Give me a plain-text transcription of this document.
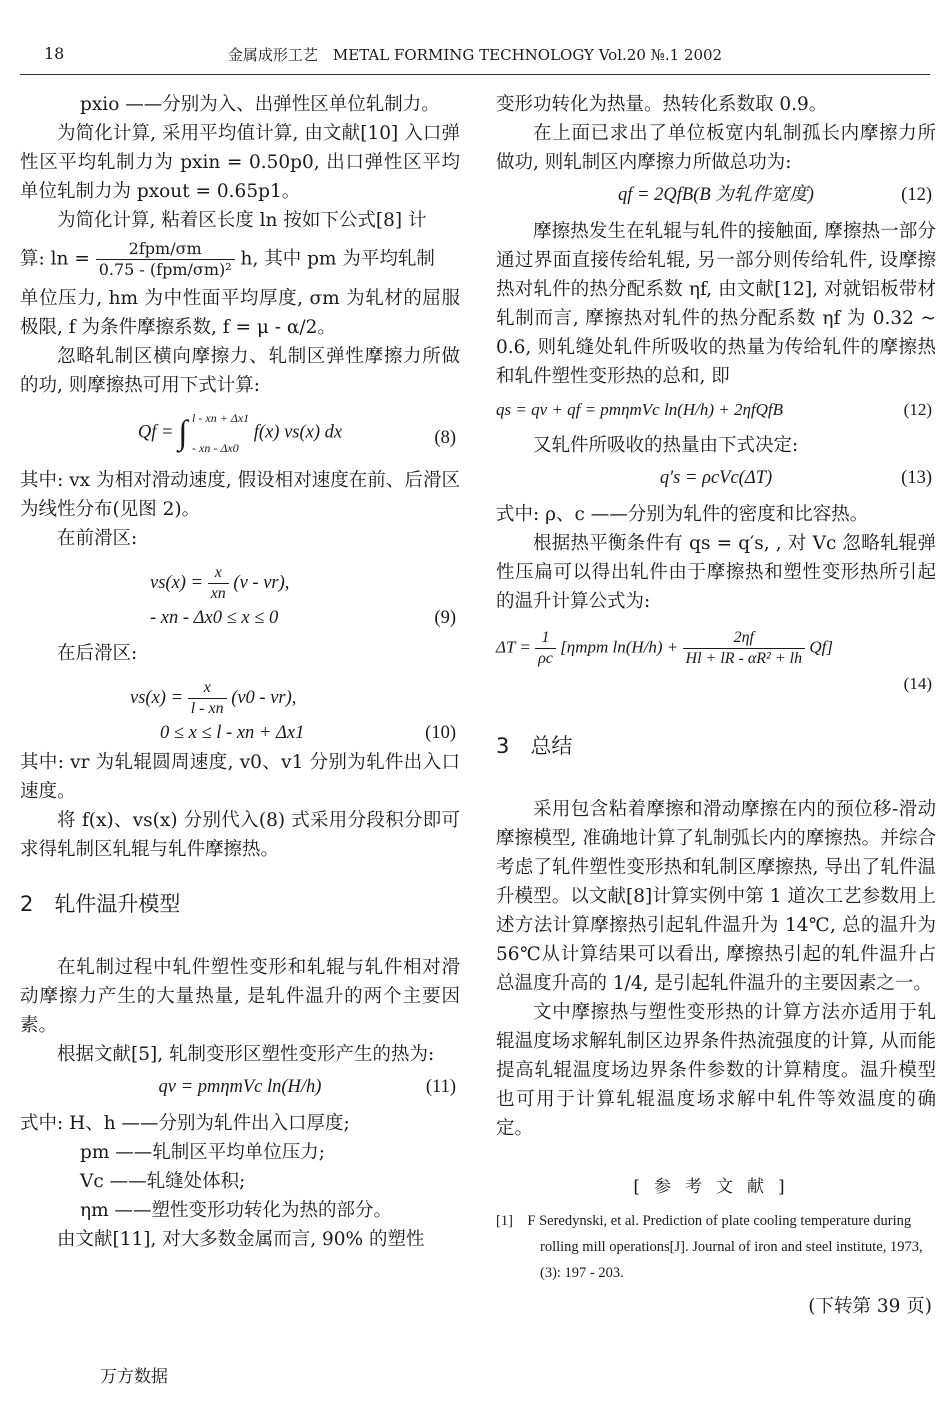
18	金属成形工艺　METAL FORMING TECHNOLOGY Vol.20 №.1 2002

pxio ——分别为入、出弹性区单位轧制力。

为简化计算, 采用平均值计算, 由文献[10] 入口弹性区平均轧制力为 pxin = 0.50p0, 出口弹性区平均单位轧制力为 pxout = 0.65p1。

为简化计算, 粘着区长度 ln 按如下公式[8] 计

算: $\ln = \frac{\text{2fpm/σm}}{\text{0.75 - (fpm/σm)²}} h$, 其中 pm 为平均轧制

单位压力, hm 为中性面平均厚度, σm 为轧材的屈服极限, f 为条件摩擦系数, f = μ - α/2。

忽略轧制区横向摩擦力、轧制区弹性摩擦力所做的功, 则摩擦热可用下式计算:

Qf = ∫ l - xn + Δx1
- xn - Δx0
f(x) vs(x) dx	(8)

其中: vx 为相对滑动速度, 假设相对速度在前、后滑区为线性分布(见图 2)。

在前滑区:

$vs(x) = \frac{x}{xn} (v - vr)$,
- xn - Δx0 ≤ x ≤ 0	(9)

在后滑区:

$vs(x) = \frac{x}{l - xn} (v0 - vr)$,
0 ≤ x ≤ l - xn + Δx1	(10)

其中: vr 为轧辊圆周速度, v0、v1 分别为轧件出入口速度。

将 f(x)、vs(x) 分别代入(8) 式采用分段积分即可求得轧制区轧辊与轧件摩擦热。

2　轧件温升模型

在轧制过程中轧件塑性变形和轧辊与轧件相对滑动摩擦力产生的大量热量, 是轧件温升的两个主要因素。

根据文献[5], 轧制变形区塑性变形产生的热为:

qv = pmηmVc ln(H/h)	(11)

式中: H、h ——分别为轧件出入口厚度;

pm ——轧制区平均单位压力;

Vc ——轧缝处体积;

ηm ——塑性变形功转化为热的部分。

由文献[11], 对大多数金属而言, 90% 的塑性

变形功转化为热量。热转化系数取 0.9。

在上面已求出了单位板宽内轧制孤长内摩擦力所做功, 则轧制区内摩擦力所做总功为:

qf = 2QfB(B 为轧件宽度)	(12)

摩擦热发生在轧辊与轧件的接触面, 摩擦热一部分通过界面直接传给轧辊, 另一部分则传给轧件, 设摩擦热对轧件的热分配系数 ηf, 由文献[12], 对就铝板带材轧制而言, 摩擦热对轧件的热分配系数 ηf 为 0.32 ~ 0.6, 则轧缝处轧件所吸收的热量为传给轧件的摩擦热和轧件塑性变形热的总和, 即

qs = qv + qf = pmηmVc ln(H/h) + 2ηfQfB	(12)

又轧件所吸收的热量由下式决定:

q′s = ρcVc(ΔT)	(13)

式中: ρ、c ——分别为轧件的密度和比容热。

根据热平衡条件有 qs = q′s, , 对 Vc 忽略轧辊弹性压扁可以得出轧件由于摩擦热和塑性变形热所引起的温升计算公式为:

$\Delta T = \frac{1}{\rho c} [\eta mpm$ $\ln(H/h) + \frac{2\eta f}{\text{Hl + lR - αR² + lh}} Qf$]
(14)
3　总结

采用包含粘着摩擦和滑动摩擦在内的预位移-滑动摩擦模型, 准确地计算了轧制弧长内的摩擦热。并综合考虑了轧件塑性变形热和轧制区摩擦热, 导出了轧件温升模型。以文献[8]计算实例中第 1 道次工艺参数用上述方法计算摩擦热引起轧件温升为 14℃, 总的温升为 56℃从计算结果可以看出, 摩擦热引起的轧件温升占总温度升高的 1/4, 是引起轧件温升的主要因素之一。

文中摩擦热与塑性变形热的计算方法亦适用于轧辊温度场求解轧制区边界条件热流强度的计算, 从而能提高轧辊温度场边界条件参数的计算精度。温升模型也可用于计算轧辊温度场求解中轧件等效温度的确定。

[参考文献]

[1]　F Seredynski, et al. Prediction of plate cooling temperature during rolling mill operations[J]. Journal of iron and steel institute, 1973, (3): 197 - 203.

(下转第 39 页)
万方数据
